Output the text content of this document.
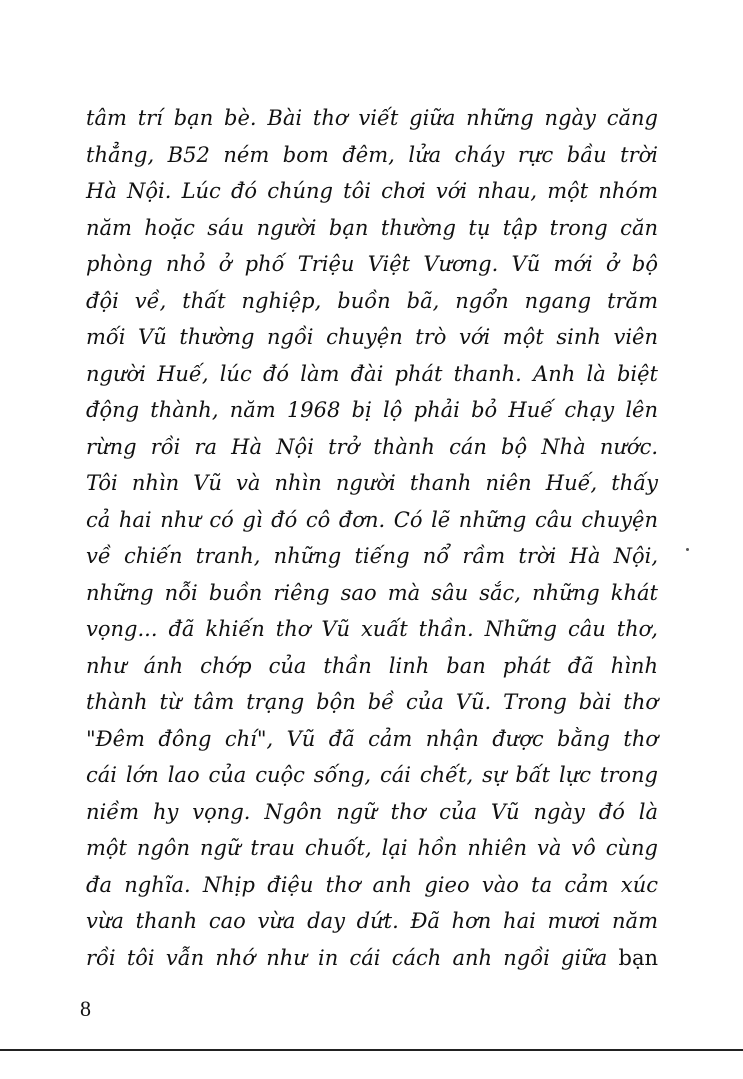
tâm trí bạn bè. Bài thơ viết giữa những ngày căng
thẳng, B52 ném bom đêm, lửa cháy rực bầu trời
Hà Nội. Lúc đó chúng tôi chơi với nhau, một nhóm
năm hoặc sáu người bạn thường tụ tập trong căn
phòng nhỏ ở phố Triệu Việt Vương. Vũ mới ở bộ
đội về, thất nghiệp, buồn bã, ngổn ngang trăm
mối Vũ thường ngồi chuyện trò với một sinh viên
người Huế, lúc đó làm đài phát thanh. Anh là biệt
động thành, năm 1968 bị lộ phải bỏ Huế chạy lên
rừng rồi ra Hà Nội trở thành cán bộ Nhà nước.
Tôi nhìn Vũ và nhìn người thanh niên Huế, thấy
cả hai như có gì đó cô đơn. Có lẽ những câu chuyện
về chiến tranh, những tiếng nổ rầm trời Hà Nội,
những nỗi buồn riêng sao mà sâu sắc, những khát
vọng... đã khiến thơ Vũ xuất thần. Những câu thơ,
như ánh chớp của thần linh ban phát đã hình
thành từ tâm trạng bộn bề của Vũ. Trong bài thơ
"Đêm đông chí", Vũ đã cảm nhận được bằng thơ
cái lớn lao của cuộc sống, cái chết, sự bất lực trong
niềm hy vọng. Ngôn ngữ thơ của Vũ ngày đó là
một ngôn ngữ trau chuốt, lại hồn nhiên và vô cùng
đa nghĩa. Nhịp điệu thơ anh gieo vào ta cảm xúc
vừa thanh cao vừa day dứt. Đã hơn hai mươi năm
rồi tôi vẫn nhớ như in cái cách anh ngồi giữa bạn
8
